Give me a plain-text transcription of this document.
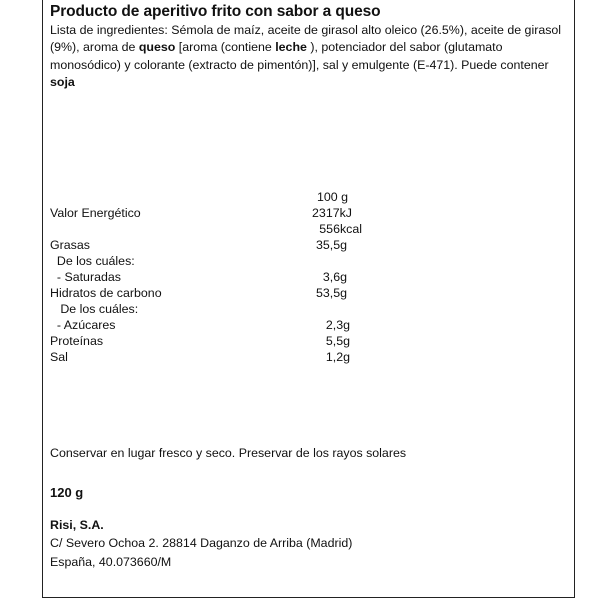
Producto de aperitivo frito con sabor a queso
Lista de ingredientes: Sémola de maíz, aceite de girasol alto oleico (26.5%), aceite de girasol (9%), aroma de queso [aroma (contiene leche ), potenciador del sabor (glutamato monosódico) y colorante (extracto de pimentón)], sal y emulgente (E-471). Puede contener soja
100 g
Valor Energético	2317kJ
556kcal
Grasas	35,5g
De los cuáles:
- Saturadas	3,6g
Hidratos de carbono	53,5g
De los cuáles:
- Azúcares	2,3g
Proteínas	5,5g
Sal	1,2g
Conservar en lugar fresco y seco. Preservar de los rayos solares
120 g
Risi, S.A.
C/ Severo Ochoa 2. 28814 Daganzo de Arriba (Madrid)
España, 40.073660/M
